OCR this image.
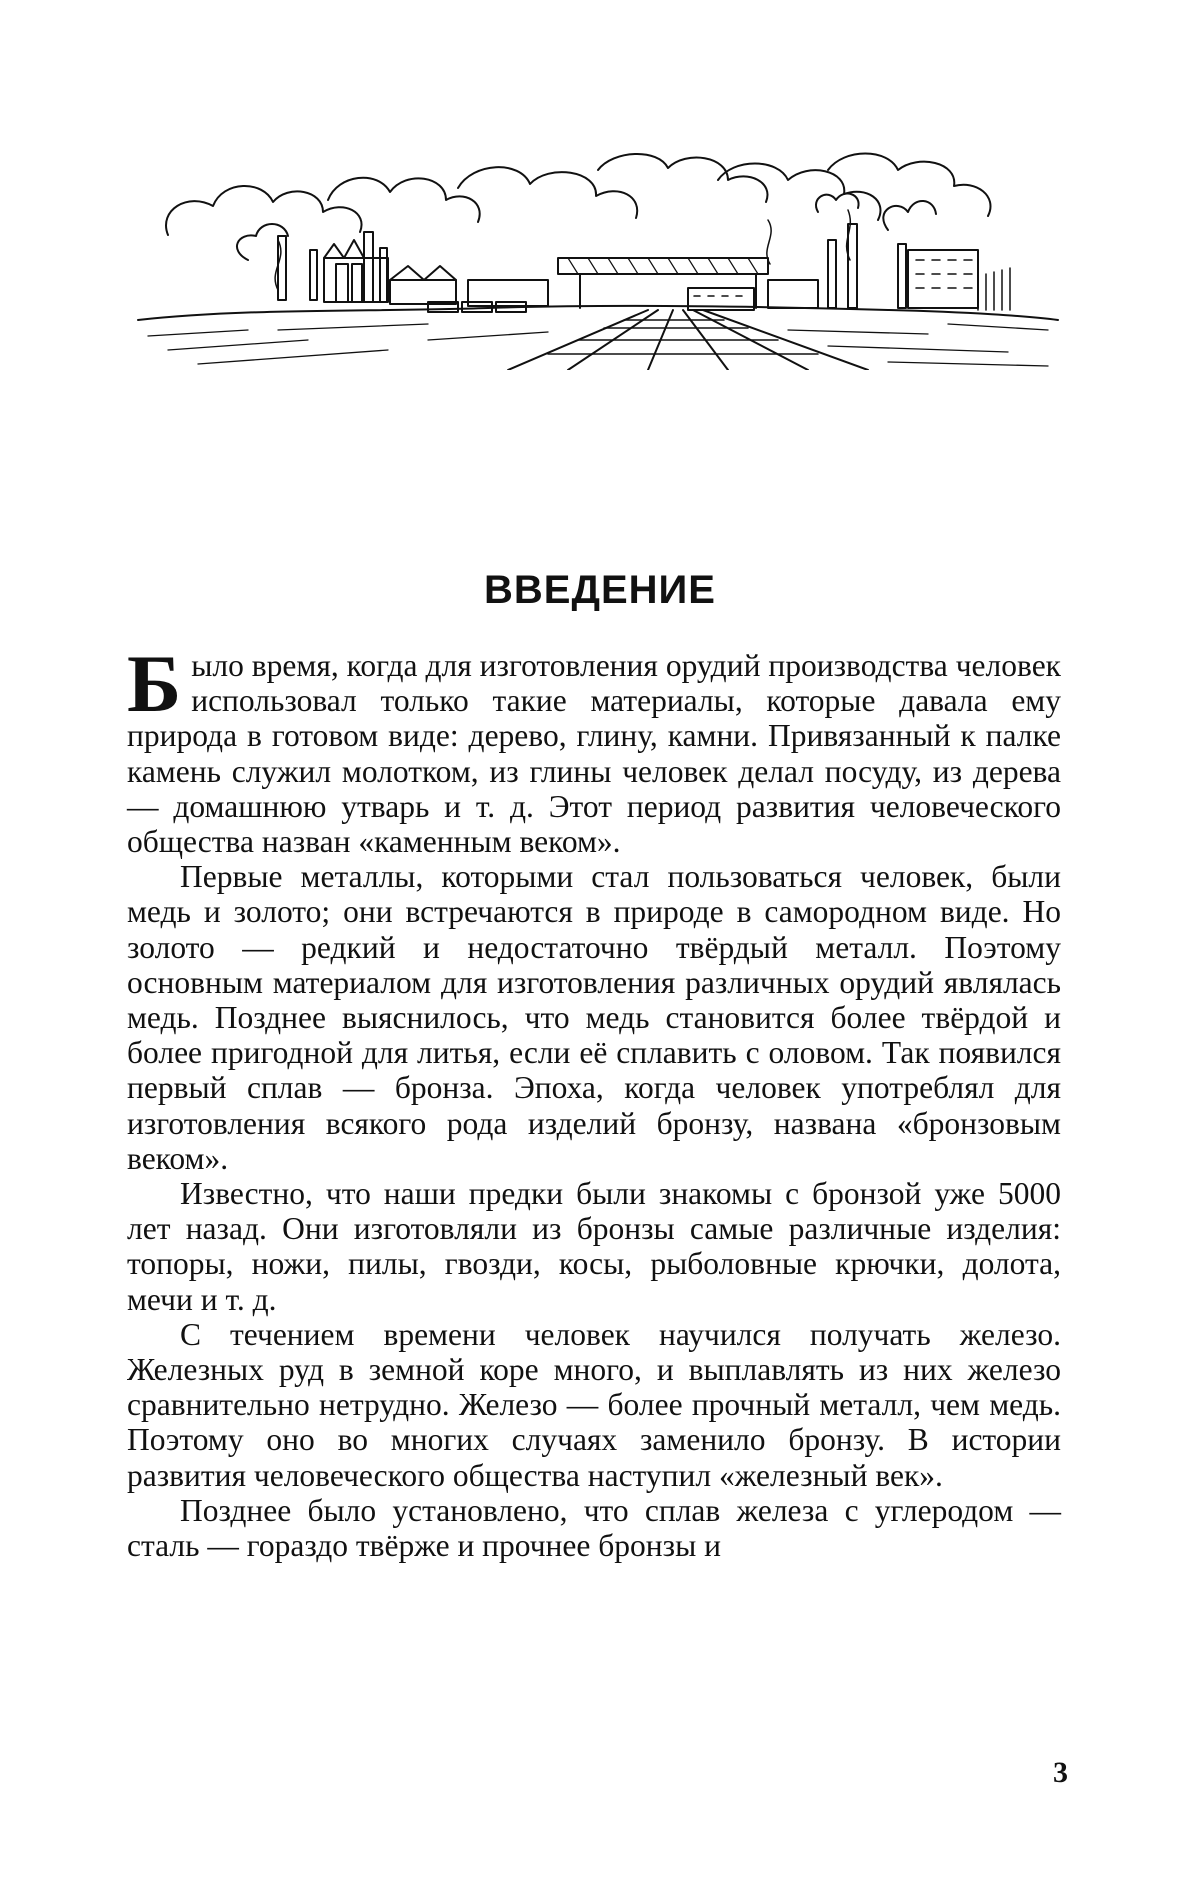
ВВЕДЕНИЕ

Было время, когда для изготовления орудий производства человек использовал только такие материалы, которые давала ему природа в готовом виде: дерево, глину, камни. Привязанный к палке камень служил молотком, из глины человек делал посуду, из дерева — домашнюю утварь и т. д. Этот период развития человеческого общества назван «каменным веком».

Первые металлы, которыми стал пользоваться человек, были медь и золото; они встречаются в природе в самородном виде. Но золото — редкий и недостаточно твёрдый металл. Поэтому основным материалом для изготовления различных орудий являлась медь. Позднее выяснилось, что медь становится более твёрдой и более пригодной для литья, если её сплавить с оловом. Так появился первый сплав — бронза. Эпоха, когда человек употреблял для изготовления всякого рода изделий бронзу, названа «бронзовым веком».

Известно, что наши предки были знакомы с бронзой уже 5000 лет назад. Они изготовляли из бронзы самые различные изделия: топоры, ножи, пилы, гвозди, косы, рыболовные крючки, долота, мечи и т. д.

С течением времени человек научился получать железо. Железных руд в земной коре много, и выплавлять из них железо сравнительно нетрудно. Железо — более прочный металл, чем медь. Поэтому оно во многих случаях заменило бронзу. В истории развития человеческого общества наступил «железный век».

Позднее было установлено, что сплав железа с углеродом — сталь — гораздо твёрже и прочнее бронзы и

3
